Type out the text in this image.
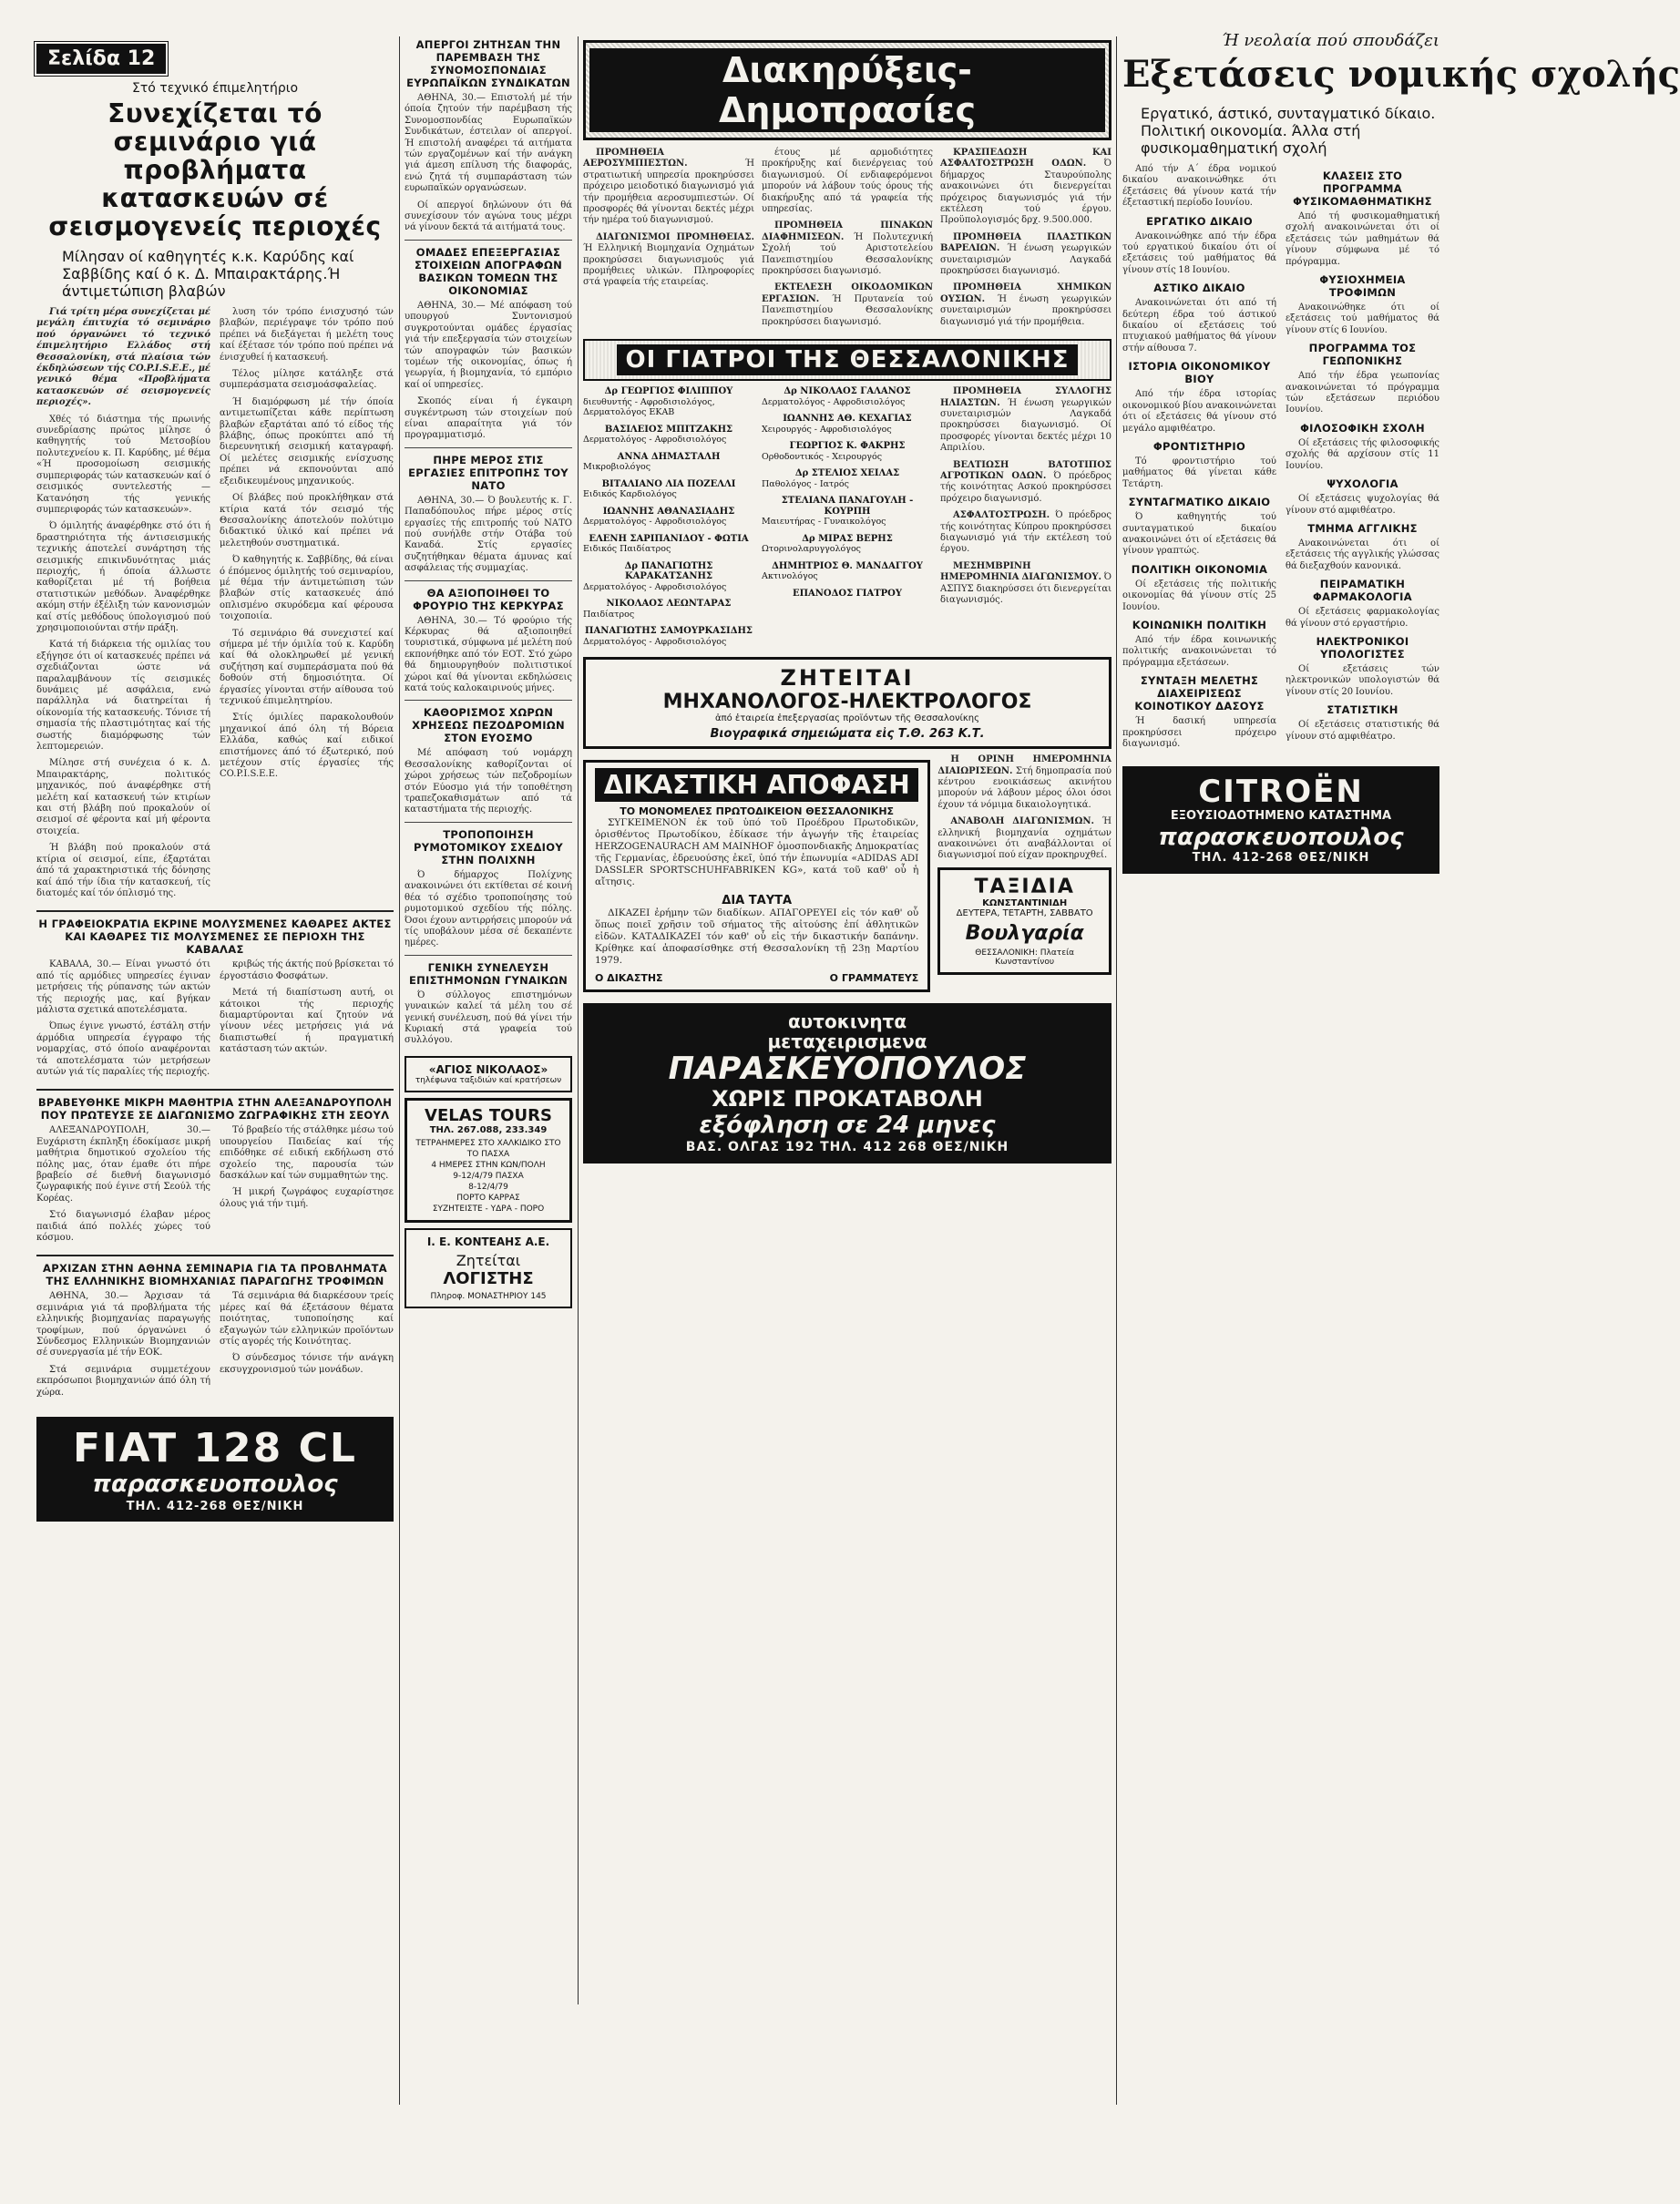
Σελίδα 12
Στό τεχνικό έπιμελητήριο
Συνεχίζεται τό σεμινάριο γιά προβλήματα κατασκευών σέ σεισμογενείς περιοχές
Μίλησαν οί καθηγητές κ.κ. Καρύδης καί Σαββίδης καί ό κ. Δ. Μπαιρακτάρης.Ή άντιμετώπιση βλαβών

Γιά τρίτη μέρα συνεχίζεται μέ μεγάλη έπιτυχία τό σεμινάριο πού όργανώνει τό τεχνικό έπιμελητήριο Ελλάδος στή Θεσσαλονίκη, στά πλαίσια τών έκδηλώσεων τής CO.P.I.S.E.E., μέ γενικό θέμα «Προβλήματα κατασκευών σέ σεισμογενείς περιοχές».

Χθές τό διάστημα τής πρωινής συνεδρίασης πρώτος μίλησε ό καθηγητής τού Μετσοβίου πολυτεχνείου κ. Π. Καρύδης, μέ θέμα «Ή προσομοίωση σεισμικής συμπεριφοράς τών κατασκευών καί ό σεισμικός συντελεστής — Κατανόηση τής γενικής συμπεριφοράς τών κατασκευών».

Ό όμιλητής άναφέρθηκε στό ότι ή δραστηριότητα τής άντισεισμικής τεχνικής άποτελεί συνάρτηση τής σεισμικής επικινδυνότητας μιάς περιοχής, ή όποία άλλωστε καθορίζεται μέ τή βοήθεια στατιστικών μεθόδων. Άναφέρθηκε ακόμη στήν έξέλιξη τών κανονισμών καί στίς μεθόδους ύπολογισμού πού χρησιμοποιούνται στήν πράξη.

Κατά τή διάρκεια τής ομιλίας του εξήγησε ότι οί κατασκευές πρέπει νά σχεδιάζονται ώστε νά παραλαμβάνουν τίς σεισμικές δυνάμεις μέ ασφάλεια, ενώ παράλληλα νά διατηρείται ή οίκονομία τής κατασκευής. Τόνισε τή σημασία τής πλαστιμότητας καί τής σωστής διαμόρφωσης τών λεπτομερειών.

Μίλησε στή συνέχεια ό κ. Δ. Μπαιρακτάρης, πολιτικός μηχανικός, πού άναφέρθηκε στή μελέτη καί κατασκευή τών κτιρίων και στή βλάβη πού προκαλούν οί σεισμοί σέ φέροντα καί μή φέροντα στοιχεία.

Ή βλάβη πού προκαλούν στά κτίρια οί σεισμοί, είπε, έξαρτάται άπό τά χαρακτηριστικά τής δόνησης καί άπό τήν ίδια τήν κατασκευή, τίς διατομές καί τόν όπλισμό της.

λυση τόν τρόπο ένισχυσηό τών βλαβών, περιέγραψε τόν τρόπο πού πρέπει νά διεξάγεται ή μελέτη τους καί έξέτασε τόν τρόπο πού πρέπει νά ένισχυθεί ή κατασκευή.

Τέλος μίλησε κατάληξε στά συμπεράσματα σεισμοάσφαλείας.

Ή διαμόρφωση μέ τήν όποία αντιμετωπίζεται κάθε περίπτωση βλαβών εξαρτάται από τό είδος τής βλάβης, όπως προκύπτει από τή διερευνητική σεισμική καταγραφή. Οί μελέτες σεισμικής ενίσχυσης πρέπει νά εκπονούνται από εξειδικευμένους μηχανικούς.

Οί βλάβες πού προκλήθηκαν στά κτίρια κατά τόν σεισμό τής Θεσσαλονίκης άποτελούν πολύτιμο διδακτικό ύλικό καί πρέπει νά μελετηθούν συστηματικά.

Ό καθηγητής κ. Σαββίδης, θά είναι ό έπόμενος όμιλητής τού σεμιναρίου, μέ θέμα τήν άντιμετώπιση τών βλαβών στίς κατασκευές άπό οπλισμένο σκυρόδεμα καί φέρουσα τοιχοποιία.

Τό σεμινάριο θά συνεχιστεί καί σήμερα μέ τήν όμιλία τού κ. Καρύδη καί θά ολοκληρωθεί μέ γενική συζήτηση καί συμπεράσματα πού θά δοθούν στή δημοσιότητα. Οί έργασίες γίνονται στήν αίθουσα τού τεχνικού έπιμελητηρίου.

Στίς όμιλίες παρακολουθούν μηχανικοί άπό όλη τή Βόρεια Ελλάδα, καθώς καί ειδικοί επιστήμονες άπό τό έξωτερικό, πού μετέχουν στίς έργασίες τής CO.P.I.S.E.E.

Η ΓΡΑΦΕΙΟΚΡΑΤΙΑ ΕΚΡΙΝΕ ΜΟΛΥΣΜΕΝΕΣ ΚΑΘΑΡΕΣ ΑΚΤΕΣ ΚΑΙ ΚΑΘΑΡΕΣ ΤΙΣ ΜΟΛΥΣΜΕΝΕΣ ΣΕ ΠΕΡΙΟΧΗ ΤΗΣ ΚΑΒΑΛΑΣ

ΚΑΒΑΛΑ, 30.— Είναι γνωστό ότι από τίς αρμόδιες υπηρεσίες έγιναν μετρήσεις τής ρύπανσης τών ακτών τής περιοχής μας, καί βγήκαν μάλιστα σχετικά αποτελέσματα.

Όπως έγινε γνωστό, έστάλη στήν άρμόδια υπηρεσία έγγραφο τής νομαρχίας, στό όποίο αναφέρονται τά αποτελέσματα τών μετρήσεων αυτών γιά τίς παραλίες τής περιοχής.

κριβώς τής άκτής πού βρίσκεται τό έργοστάσιο Φοσφάτων.

Μετά τή διαπίστωση αυτή, οι κάτοικοι τής περιοχής διαμαρτύρονται καί ζητούν νά γίνουν νέες μετρήσεις γιά νά διαπιστωθεί ή πραγματική κατάσταση τών ακτών.

ΒΡΑΒΕΥΘΗΚΕ ΜΙΚΡΗ ΜΑΘΗΤΡΙΑ ΣΤΗΝ ΑΛΕΞΑΝΔΡΟΥΠΟΛΗ ΠΟΥ ΠΡΩΤΕΥΣΕ ΣΕ ΔΙΑΓΩΝΙΣΜΟ ΖΩΓΡΑΦΙΚΗΣ ΣΤΗ ΣΕΟΥΛ

ΑΛΕΞΑΝΔΡΟΥΠΟΛΗ, 30.— Ευχάριστη έκπληξη έδοκίμασε μικρή μαθήτρια δημοτικού σχολείου τής πόλης μας, όταν έμαθε ότι πήρε βραβείο σέ διεθνή διαγωνισμό ζωγραφικής πού έγινε στή Σεούλ τής Κορέας.

Στό διαγωνισμό έλαβαν μέρος παιδιά άπό πολλές χώρες τού κόσμου.

Τό βραβείο τής στάλθηκε μέσω τού υπουργείου Παιδείας καί τής επιδόθηκε σέ ειδική εκδήλωση στό σχολείο της, παρουσία τών δασκάλων καί τών συμμαθητών της.

Ή μικρή ζωγράφος ευχαρίστησε όλους γιά τήν τιμή.

ΑΡΧΙΖΑΝ ΣΤΗΝ ΑΘΗΝΑ ΣΕΜΙΝΑΡΙΑ ΓΙΑ ΤΑ ΠΡΟΒΛΗΜΑΤΑ ΤΗΣ ΕΛΛΗΝΙΚΗΣ ΒΙΟΜΗΧΑΝΙΑΣ ΠΑΡΑΓΩΓΗΣ ΤΡΟΦΙΜΩΝ

ΑΘΗΝΑ, 30.— Άρχισαν τά σεμινάρια γιά τά προβλήματα τής ελληνικής βιομηχανίας παραγωγής τροφίμων, πού όργανώνει ό Σύνδεσμος Ελληνικών Βιομηχανιών σέ συνεργασία μέ τήν ΕΟΚ.

Στά σεμινάρια συμμετέχουν εκπρόσωποι βιομηχανιών άπό όλη τή χώρα.

Τά σεμινάρια θά διαρκέσουν τρείς μέρες καί θά έξετάσουν θέματα ποιότητας, τυποποίησης καί εξαγωγών τών ελληνικών προϊόντων στίς αγορές τής Κοινότητας.

Ό σύνδεσμος τόνισε τήν ανάγκη εκσυγχρονισμού τών μονάδων.

FIAT 128 CL
παρασκευοπουλος
ΤΗΛ. 412-268 ΘΕΣ/ΝΙΚΗ
ΑΠΕΡΓΟΙ ΖΗΤΗΣΑΝ ΤΗΝ ΠΑΡΕΜΒΑΣΗ ΤΗΣ ΣΥΝΟΜΟΣΠΟΝΔΙΑΣ ΕΥΡΩΠΑΪΚΩΝ ΣΥΝΔΙΚΑΤΩΝ

ΑΘΗΝΑ, 30.— Επιστολή μέ τήν όποία ζητούν τήν παρέμβαση τής Συνομοσπονδίας Ευρωπαϊκών Συνδικάτων, έστειλαν οί απεργοί. Ή επιστολή αναφέρει τά αιτήματα τών εργαζομένων καί τήν ανάγκη γιά άμεση επίλυση τής διαφοράς, ενώ ζητά τή συμπαράσταση τών ευρωπαϊκών οργανώσεων.

Οί απεργοί δηλώνουν ότι θά συνεχίσουν τόν αγώνα τους μέχρι νά γίνουν δεκτά τά αιτήματά τους.

ΟΜΑΔΕΣ ΕΠΕΞΕΡΓΑΣΙΑΣ ΣΤΟΙΧΕΙΩΝ ΑΠΟΓΡΑΦΩΝ ΒΑΣΙΚΩΝ ΤΟΜΕΩΝ ΤΗΣ ΟΙΚΟΝΟΜΙΑΣ

ΑΘΗΝΑ, 30.— Μέ απόφαση τού υπουργού Συντονισμού συγκροτούνται ομάδες έργασίας γιά τήν επεξεργασία τών στοιχείων τών απογραφών τών βασικών τομέων τής οικονομίας, όπως ή γεωργία, ή βιομηχανία, τό εμπόριο καί οί υπηρεσίες.

Σκοπός είναι ή έγκαιρη συγκέντρωση τών στοιχείων πού είναι απαραίτητα γιά τόν προγραμματισμό.

ΠΗΡΕ ΜΕΡΟΣ ΣΤΙΣ ΕΡΓΑΣΙΕΣ ΕΠΙΤΡΟΠΗΣ ΤΟΥ ΝΑΤΟ

ΑΘΗΝΑ, 30.— Ό βουλευτής κ. Γ. Παπαδόπουλος πήρε μέρος στίς εργασίες τής επιτροπής τού ΝΑΤΟ πού συνήλθε στήν Οτάβα τού Καναδά. Στίς εργασίες συζητήθηκαν θέματα άμυνας καί ασφάλειας τής συμμαχίας.

ΘΑ ΑΞΙΟΠΟΙΗΘΕΙ ΤΟ ΦΡΟΥΡΙΟ ΤΗΣ ΚΕΡΚΥΡΑΣ

ΑΘΗΝΑ, 30.— Τό φρούριο τής Κέρκυρας θά αξιοποιηθεί τουριστικά, σύμφωνα μέ μελέτη πού εκπονήθηκε από τόν ΕΟΤ. Στό χώρο θά δημιουργηθούν πολιτιστικοί χώροι καί θά γίνονται εκδηλώσεις κατά τούς καλοκαιρινούς μήνες.

ΚΑΘΟΡΙΣΜΟΣ ΧΩΡΩΝ ΧΡΗΣΕΩΣ ΠΕΖΟΔΡΟΜΙΩΝ ΣΤΟΝ ΕΥΟΣΜΟ

Μέ απόφαση τού νομάρχη Θεσσαλονίκης καθορίζονται οί χώροι χρήσεως τών πεζοδρομίων στόν Εύοσμο γιά τήν τοποθέτηση τραπεζοκαθισμάτων από τά καταστήματα τής περιοχής.

ΤΡΟΠΟΠΟΙΗΣΗ ΡΥΜΟΤΟΜΙΚΟΥ ΣΧΕΔΙΟΥ ΣΤΗΝ ΠΟΛΙΧΝΗ

Ό δήμαρχος Πολίχνης ανακοινώνει ότι εκτίθεται σέ κοινή θέα τό σχέδιο τροποποίησης τού ρυμοτομικού σχεδίου τής πόλης. Όσοι έχουν αντιρρήσεις μπορούν νά τίς υποβάλουν μέσα σέ δεκαπέντε ημέρες.

ΓΕΝΙΚΗ ΣΥΝΕΛΕΥΣΗ ΕΠΙΣΤΗΜΟΝΩΝ ΓΥΝΑΙΚΩΝ

Ό σύλλογος επιστημόνων γυναικών καλεί τά μέλη του σέ γενική συνέλευση, πού θά γίνει τήν Κυριακή στά γραφεία τού συλλόγου.

«ΑΓΙΟΣ ΝΙΚΟΛΑΟΣ»
τηλέφωνα ταξιδιών καί κρατήσεων
VELAS TOURS
ΤΗΛ. 267.088, 233.349
ΤΕΤΡΑΗΜΕΡΕΣ ΣΤΟ ΧΑΛΚΙΔΙΚΟ ΣΤΟ ΤΟ ΠΑΣΧΑ
4 ΗΜΕΡΕΣ ΣΤΗΝ ΚΩΝ/ΠΟΛΗ
9-12/4/79 ΠΑΣΧΑ
8-12/4/79
ΠΟΡΤΟ ΚΑΡΡΑΣ
ΣΥΖΗΤΕΙΣΤΕ - ΥΔΡΑ - ΠΟΡΟ
Ι. Ε. ΚΟΝΤΕΑΗΣ Α.Ε.
Ζητείται
ΛΟΓΙΣΤΗΣ
Πληροφ. ΜΟΝΑΣΤΗΡΙΟΥ 145
Διακηρύξεις-Δημοπρασίες

ΠΡΟΜΗΘΕΙΑ ΑΕΡΟΣΥΜΠΙΕΣΤΩΝ. Ή στρατιωτική υπηρεσία προκηρύσσει πρόχειρο μειοδοτικό διαγωνισμό γιά τήν προμήθεια αεροσυμπιεστών. Οί προσφορές θά γίνονται δεκτές μέχρι τήν ημέρα τού διαγωνισμού.

ΔΙΑΓΩΝΙΣΜΟΙ ΠΡΟΜΗΘΕΙΑΣ. Ή Ελληνική Βιομηχανία Οχημάτων προκηρύσσει διαγωνισμούς γιά προμήθειες υλικών. Πληροφορίες στά γραφεία τής εταιρείας.

έτους μέ αρμοδιότητες προκήρυξης καί διενέργειας τού διαγωνισμού. Οί ενδιαφερόμενοι μπορούν νά λάβουν τούς όρους τής διακήρυξης από τά γραφεία τής υπηρεσίας.

ΠΡΟΜΗΘΕΙΑ ΠΙΝΑΚΩΝ ΔΙΑΦΗΜΙΣΕΩΝ. Ή Πολυτεχνική Σχολή τού Αριστοτελείου Πανεπιστημίου Θεσσαλονίκης προκηρύσσει διαγωνισμό.

ΕΚΤΕΛΕΣΗ ΟΙΚΟΔΟΜΙΚΩΝ ΕΡΓΑΣΙΩΝ. Ή Πρυτανεία τού Πανεπιστημίου Θεσσαλονίκης προκηρύσσει διαγωνισμό.

ΚΡΑΣΠΕΔΩΣΗ ΚΑΙ ΑΣΦΑΛΤΟΣΤΡΩΣΗ ΟΔΩΝ. Ό δήμαρχος Σταυρούπολης ανακοινώνει ότι διενεργείται πρόχειρος διαγωνισμός γιά τήν εκτέλεση τού έργου. Προϋπολογισμός δρχ. 9.500.000.

ΠΡΟΜΗΘΕΙΑ ΠΛΑΣΤΙΚΩΝ ΒΑΡΕΛΙΩΝ. Ή ένωση γεωργικών συνεταιρισμών Λαγκαδά προκηρύσσει διαγωνισμό.

ΠΡΟΜΗΘΕΙΑ ΧΗΜΙΚΩΝ ΟΥΣΙΩΝ. Ή ένωση γεωργικών συνεταιρισμών προκηρύσσει διαγωνισμό γιά τήν προμήθεια.

ΟΙ ΓΙΑΤΡΟΙ ΤΗΣ ΘΕΣΣΑΛΟΝΙΚΗΣ
Δρ ΓΕΩΡΓΙΟΣ ΦΙΛΙΠΠΟΥ
διευθυντής - Αφροδισιολόγος, Δερματολόγος ΕΚΑΒ
ΒΑΣΙΛΕΙΟΣ ΜΠΙΤΖΑΚΗΣ
Δερματολόγος - Αφροδισιολόγος
ΑΝΝΑ ΔΗΜΑΣΤΑΛΗ
Μικροβιολόγος
ΒΙΤΑΛΙΑΝΟ ΛΙΑ ΠΟΖΕΛΛΙ
Ειδικός Καρδιολόγος
ΙΩΑΝΝΗΣ ΑΘΑΝΑΣΙΑΔΗΣ
Δερματολόγος - Αφροδισιολόγος
ΕΛΕΝΗ ΣΑΡΙΠΑΝΙΔΟΥ - ΦΩΤΙΑ
Ειδικός Παιδίατρος
Δρ ΠΑΝΑΓΙΩΤΗΣ ΚΑΡΑΚΑΤΣΑΝΗΣ
Δερματολόγος - Αφροδισιολόγος
ΝΙΚΟΛΑΟΣ ΛΕΩΝΤΑΡΑΣ
Παιδίατρος
ΠΑΝΑΓΙΩΤΗΣ ΣΑΜΟΥΡΚΑΣΙΔΗΣ
Δερματολόγος - Αφροδισιολόγος
Δρ ΝΙΚΟΛΑΟΣ ΓΑΛΑΝΟΣ
Δερματολόγος - Αφροδισιολόγος
ΙΩΑΝΝΗΣ ΑΘ. ΚΕΧΑΓΙΑΣ
Χειρουργός - Αφροδισιολόγος
ΓΕΩΡΓΙΟΣ Κ. ΦΑΚΡΗΣ
Ορθοδοντικός - Χειρουργός
Δρ ΣΤΕΛΙΟΣ ΧΕΙΛΑΣ
Παθολόγος - Ιατρός
ΣΤΕΛΙΑΝΑ ΠΑΝΑΓΟΥΛΗ - ΚΟΥΡΠΗ
Μαιευτήρας - Γυναικολόγος
Δρ ΜΙΡΑΣ ΒΕΡΗΣ
Ωτορινολαρυγγολόγος
ΔΗΜΗΤΡΙΟΣ Θ. ΜΑΝΔΑΓΓΟΥ
Ακτινολόγος
ΕΠΑΝΟΔΟΣ ΓΙΑΤΡΟΥ

ΠΡΟΜΗΘΕΙΑ ΣΥΛΛΟΓΗΣ ΗΛΙΑΣΤΩΝ. Ή ένωση γεωργικών συνεταιρισμών Λαγκαδά προκηρύσσει διαγωνισμό. Οί προσφορές γίνονται δεκτές μέχρι 10 Απριλίου.

ΒΕΛΤΙΩΣΗ ΒΑΤΟΤΙΠΟΣ ΑΓΡΟΤΙΚΩΝ ΟΔΩΝ. Ό πρόεδρος τής κοινότητας Ασκού προκηρύσσει πρόχειρο διαγωνισμό.

ΑΣΦΑΛΤΟΣΤΡΩΣΗ. Ό πρόεδρος τής κοινότητας Κύπρου προκηρύσσει διαγωνισμό γιά τήν εκτέλεση τού έργου.

ΜΕΣΗΜΒΡΙΝΗ ΗΜΕΡΟΜΗΝΙΑ ΔΙΑΓΩΝΙΣΜΟΥ. Ό ΑΣΠΥΣ διακηρύσσει ότι διενεργείται διαγωνισμός.

ΖΗΤΕΙΤΑΙ
ΜΗΧΑΝΟΛΟΓΟΣ-ΗΛΕΚΤΡΟΛΟΓΟΣ
ἀπό ἐταιρεία ἐπεξεργασίας προϊόντων τῆς Θεσσαλονίκης
Βιογραφικά σημειώματα εἰς Τ.Θ. 263 Κ.Τ.
ΔΙΚΑΣΤΙΚΗ ΑΠΟΦΑΣΗ
ΤΟ ΜΟΝΟΜΕΛΕΣ ΠΡΩΤΟΔΙΚΕΙΟΝ ΘΕΣΣΑΛΟΝΙΚΗΣ

ΣΥΓΚΕΙΜΕΝΟΝ ἐκ τοῦ ὑπό τοῦ Προέδρου Πρωτοδικῶν, ὁρισθέντος Πρωτοδίκου, ἐδίκασε τήν ἀγωγήν τῆς ἐταιρείας HERZOGENAURACH AM MAINHOF ὁμοσπονδιακῆς Δημοκρατίας τῆς Γερμανίας, ἐδρευούσης ἐκεῖ, ὑπό τήν ἐπωνυμία «ADIDAS ADI DASSLER SPORTSCHUHFABRIKEN KG», κατά τοῦ καθ' οὗ ἡ αἴτησις.

ΔΙΑ ΤΑΥΤΑ

ΔΙΚΑΖΕΙ ἐρήμην τῶν διαδίκων. ΑΠΑΓΟΡΕΥΕΙ εἰς τόν καθ' οὗ ὅπως ποιεῖ χρῆσιν τοῦ σήματος τῆς αἰτούσης ἐπί ἀθλητικῶν εἰδῶν. ΚΑΤΑΔΙΚΑΖΕΙ τόν καθ' οὗ εἰς τήν δικαστικήν δαπάνην. Κρίθηκε καί ἀποφασίσθηκε στή Θεσσαλονίκη τῇ 23ῃ Μαρτίου 1979.

Ο ΔΙΚΑΣΤΗΣ	Ο ΓΡΑΜΜΑΤΕΥΣ

Η ΟΡΙΝΗ ΗΜΕΡΟΜΗΝΙΑ ΔΙΑΙΩΡΙΣΕΩΝ. Στή δημοπρασία πού κέντρου ενοικιάσεως ακινήτου μπορούν νά λάβουν μέρος όλοι όσοι έχουν τά νόμιμα δικαιολογητικά.

ΑΝΑΒΟΛΗ ΔΙΑΓΩΝΙΣΜΩΝ. Ή ελληνική βιομηχανία οχημάτων ανακοινώνει ότι αναβάλλονται οί διαγωνισμοί πού είχαν προκηρυχθεί.

ΤΑΞΙΔΙΑ
ΚΩΝΣΤΑΝΤΙΝΙΔΗ
ΔΕΥΤΕΡΑ, ΤΕΤΑΡΤΗ, ΣΑΒΒΑΤΟ
Βουλγαρία
ΘΕΣΣΑΛΟΝΙΚΗ: Πλατεία Κωνσταντίνου
αυτοκινητα
μεταχειρισμενα
ΠΑΡΑΣΚΕΥΟΠΟΥΛΟΣ
ΧΩΡΙΣ ΠΡΟΚΑΤΑΒΟΛΗ
εξόφληση σε 24 μηνες
ΒΑΣ. ΟΛΓΑΣ 192 ΤΗΛ. 412 268 ΘΕΣ/ΝΙΚΗ
Ή νεολαία πού σπουδάζει
Εξετάσεις νομικής σχολής
Εργατικό, άστικό, συνταγματικό δίκαιο. Πολιτική οικονομία. Άλλα στή φυσικομαθηματική σχολή

Από τήν Α΄ έδρα νομικού δικαίου ανακοινώθηκε ότι έξετάσεις θά γίνουν κατά τήν έξεταστική περίοδο Ιουνίου.

ΕΡΓΑΤΙΚΟ ΔΙΚΑΙΟ

Ανακοινώθηκε από τήν έδρα τού εργατικού δικαίου ότι οί εξετάσεις τού μαθήματος θά γίνουν στίς 18 Ιουνίου.

ΑΣΤΙΚΟ ΔΙΚΑΙΟ

Ανακοινώνεται ότι από τή δεύτερη έδρα τού άστικού δικαίου οί εξετάσεις τού πτυχιακού μαθήματος θά γίνουν στήν αίθουσα 7.

ΙΣΤΟΡΙΑ ΟΙΚΟΝΟΜΙΚΟΥ ΒΙΟΥ

Από τήν έδρα ιστορίας οικονομικού βίου ανακοινώνεται ότι οί εξετάσεις θά γίνουν στό μεγάλο αμφιθέατρο.

ΦΡΟΝΤΙΣΤΗΡΙΟ

Τό φροντιστήριο τού μαθήματος θά γίνεται κάθε Τετάρτη.

ΣΥΝΤΑΓΜΑΤΙΚΟ ΔΙΚΑΙΟ

Ό καθηγητής τού συνταγματικού δικαίου ανακοινώνει ότι οί εξετάσεις θά γίνουν γραπτώς.

ΠΟΛΙΤΙΚΗ ΟΙΚΟΝΟΜΙΑ

Οί εξετάσεις τής πολιτικής οικονομίας θά γίνουν στίς 25 Ιουνίου.

ΚΟΙΝΩΝΙΚΗ ΠΟΛΙΤΙΚΗ

Από τήν έδρα κοινωνικής πολιτικής ανακοινώνεται τό πρόγραμμα εξετάσεων.

ΣΥΝΤΑΞΗ ΜΕΛΕΤΗΣ ΔΙΑΧΕΙΡΙΣΕΩΣ ΚΟΙΝΟΤΙΚΟΥ ΔΑΣΟΥΣ

Ή δασική υπηρεσία προκηρύσσει πρόχειρο διαγωνισμό.

ΚΛΑΣΕΙΣ ΣΤΟ ΠΡΟΓΡΑΜΜΑ ΦΥΣΙΚΟΜΑΘΗΜΑΤΙΚΗΣ

Από τή φυσικομαθηματική σχολή ανακοινώνεται ότι οί εξετάσεις τών μαθημάτων θά γίνουν σύμφωνα μέ τό πρόγραμμα.

ΦΥΣΙΟΧΗΜΕΙΑ ΤΡΟΦΙΜΩΝ

Ανακοινώθηκε ότι οί εξετάσεις τού μαθήματος θά γίνουν στίς 6 Ιουνίου.

ΠΡΟΓΡΑΜΜΑ ΤΟΣ ΓΕΩΠΟΝΙΚΗΣ

Από τήν έδρα γεωπονίας ανακοινώνεται τό πρόγραμμα τών εξετάσεων περιόδου Ιουνίου.

ΦΙΛΟΣΟΦΙΚΗ ΣΧΟΛΗ

Οί εξετάσεις τής φιλοσοφικής σχολής θά αρχίσουν στίς 11 Ιουνίου.

ΨΥΧΟΛΟΓΙΑ

Οί εξετάσεις ψυχολογίας θά γίνουν στό αμφιθέατρο.

ΤΜΗΜΑ ΑΓΓΛΙΚΗΣ

Ανακοινώνεται ότι οί εξετάσεις τής αγγλικής γλώσσας θά διεξαχθούν κανονικά.

ΠΕΙΡΑΜΑΤΙΚΗ ΦΑΡΜΑΚΟΛΟΓΙΑ

Οί εξετάσεις φαρμακολογίας θά γίνουν στό εργαστήριο.

ΗΛΕΚΤΡΟΝΙΚΟΙ ΥΠΟΛΟΓΙΣΤΕΣ

Οί εξετάσεις τών ηλεκτρονικών υπολογιστών θά γίνουν στίς 20 Ιουνίου.

ΣΤΑΤΙΣΤΙΚΗ

Οί εξετάσεις στατιστικής θά γίνουν στό αμφιθέατρο.

CITROËN
ΕΞΟΥΣΙΟΔΟΤΗΜΕΝΟ ΚΑΤΑΣΤΗΜΑ
παρασκευοπουλος
ΤΗΛ. 412-268 ΘΕΣ/ΝΙΚΗ
